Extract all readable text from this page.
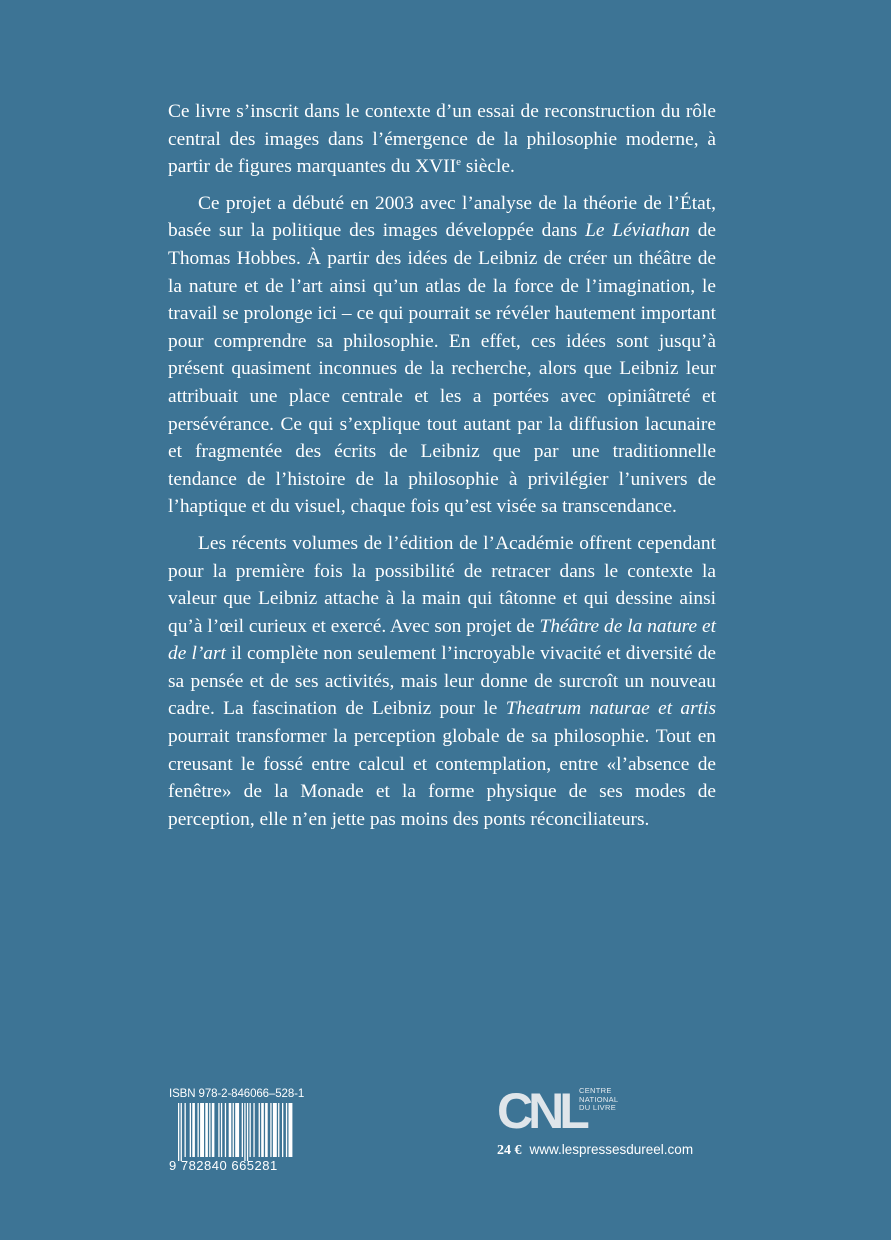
Ce livre s’inscrit dans le contexte d’un essai de reconstruction du rôle central des images dans l’émergence de la philosophie moderne, à partir de figures marquantes du XVIIe siècle.

Ce projet a débuté en 2003 avec l’analyse de la théorie de l’État, basée sur la politique des images développée dans Le Léviathan de Thomas Hobbes. À partir des idées de Leibniz de créer un théâtre de la nature et de l’art ainsi qu’un atlas de la force de l’imagination, le travail se prolonge ici – ce qui pourrait se révéler hautement important pour comprendre sa philosophie. En effet, ces idées sont jusqu’à présent quasiment inconnues de la recherche, alors que Leibniz leur attribuait une place centrale et les a portées avec opiniâtreté et persévérance. Ce qui s’explique tout autant par la diffusion lacunaire et fragmentée des écrits de Leibniz que par une traditionnelle tendance de l’histoire de la philosophie à privilégier l’univers de l’haptique et du visuel, chaque fois qu’est visée sa transcendance.

Les récents volumes de l’édition de l’Académie offrent cependant pour la première fois la possibilité de retracer dans le contexte la valeur que Leibniz attache à la main qui tâtonne et qui dessine ainsi qu’à l’œil curieux et exercé. Avec son projet de Théâtre de la nature et de l’art il complète non seulement l’incroyable vivacité et diversité de sa pensée et de ses activités, mais leur donne de surcroît un nouveau cadre. La fascination de Leibniz pour le Theatrum naturae et artis pourrait transformer la perception globale de sa philosophie. Tout en creusant le fossé entre calcul et contemplation, entre «l’absence de fenêtre» de la Monade et la forme physique de ses modes de perception, elle n’en jette pas moins des ponts réconciliateurs.

ISBN 978-2-846066–528-1
9 782840 665281
CNL
CENTRE
NATIONAL
DU LIVRE
24 € www.lespressesdureel.com
